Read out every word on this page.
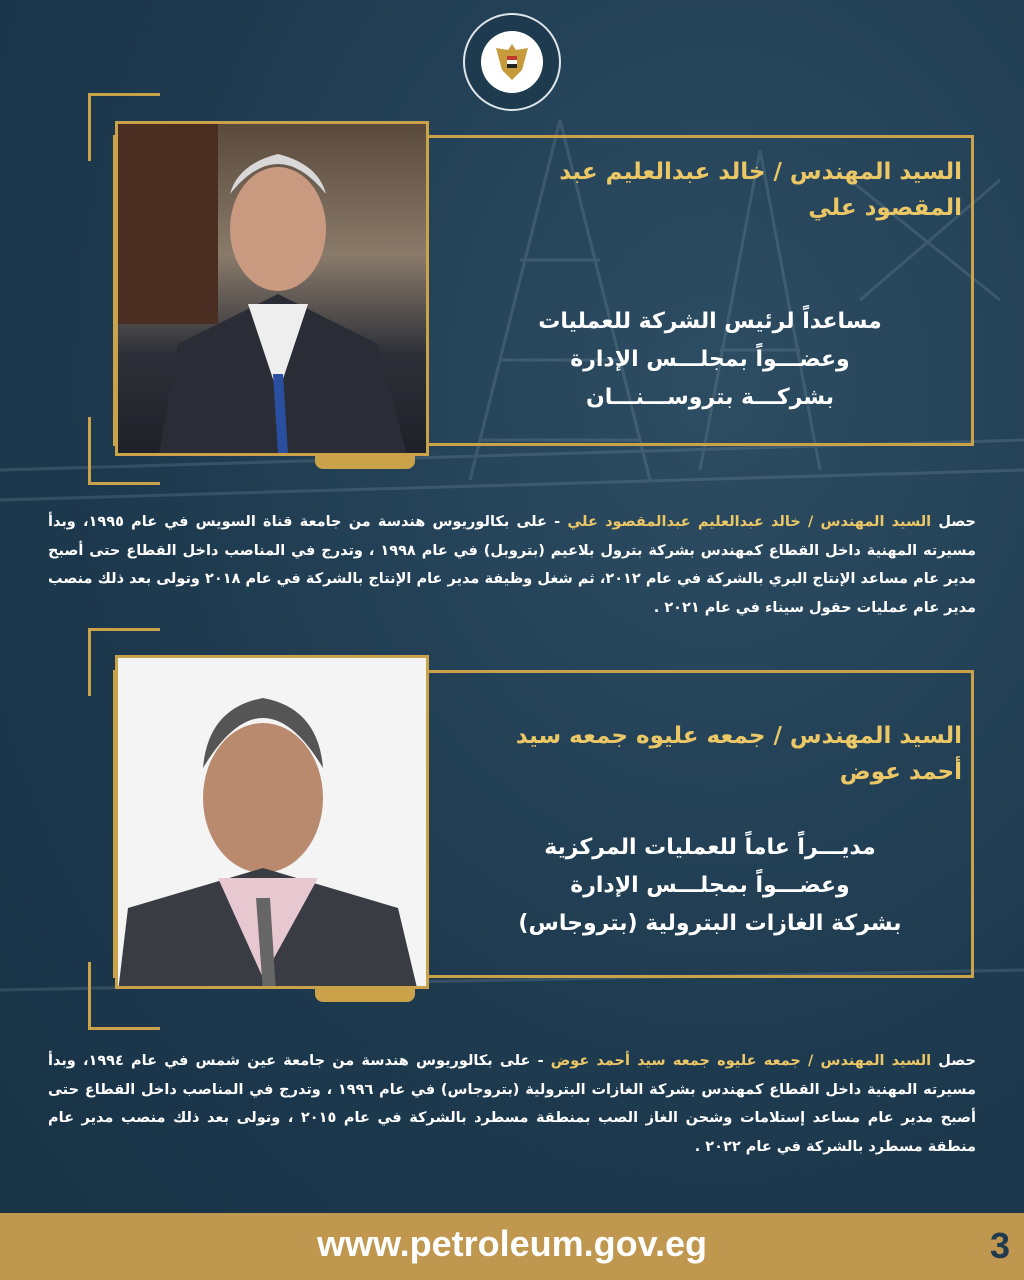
السيد المهندس / خالد عبدالعليم عبد المقصود علي
مساعداً لرئيس الشركة للعمليات
وعضـــواً بمجلـــس الإدارة
بشركـــة بتروســـنـــان

حصل السيد المهندس / خالد عبدالعليم عبدالمقصود علي - على بكالوريوس هندسة من جامعة قناة السويس في عام ١٩٩٥، وبدأ مسيرته المهنية داخل القطاع كمهندس بشركة بترول بلاعيم (بتروبل) في عام ١٩٩٨ ، وتدرج في المناصب داخل القطاع حتى أصبح مدير عام مساعد الإنتاج البري بالشركة في عام ٢٠١٢، ثم شغل وظيفة مدير عام الإنتاج بالشركة في عام ٢٠١٨ وتولى بعد ذلك منصب مدير عام عمليات حقول سيناء في عام ٢٠٢١ .

السيد المهندس / جمعه عليوه جمعه سيد أحمد عوض
مديـــراً عاماً للعمليات المركزية
وعضـــواً بمجلـــس الإدارة
بشركة الغازات البترولية (بتروجاس)

حصل السيد المهندس / جمعه عليوه جمعه سيد أحمد عوض - على بكالوريوس هندسة من جامعة عين شمس في عام ١٩٩٤، وبدأ مسيرته المهنية داخل القطاع كمهندس بشركة الغازات البترولية (بتروجاس) في عام ١٩٩٦ ، وتدرج في المناصب داخل القطاع حتى أصبح مدير عام مساعد إستلامات وشحن الغاز الصب بمنطقة مسطرد بالشركة في عام ٢٠١٥ ، وتولى بعد ذلك منصب مدير عام منطقة مسطرد بالشركة في عام ٢٠٢٢ .

www.petroleum.gov.eg	3
